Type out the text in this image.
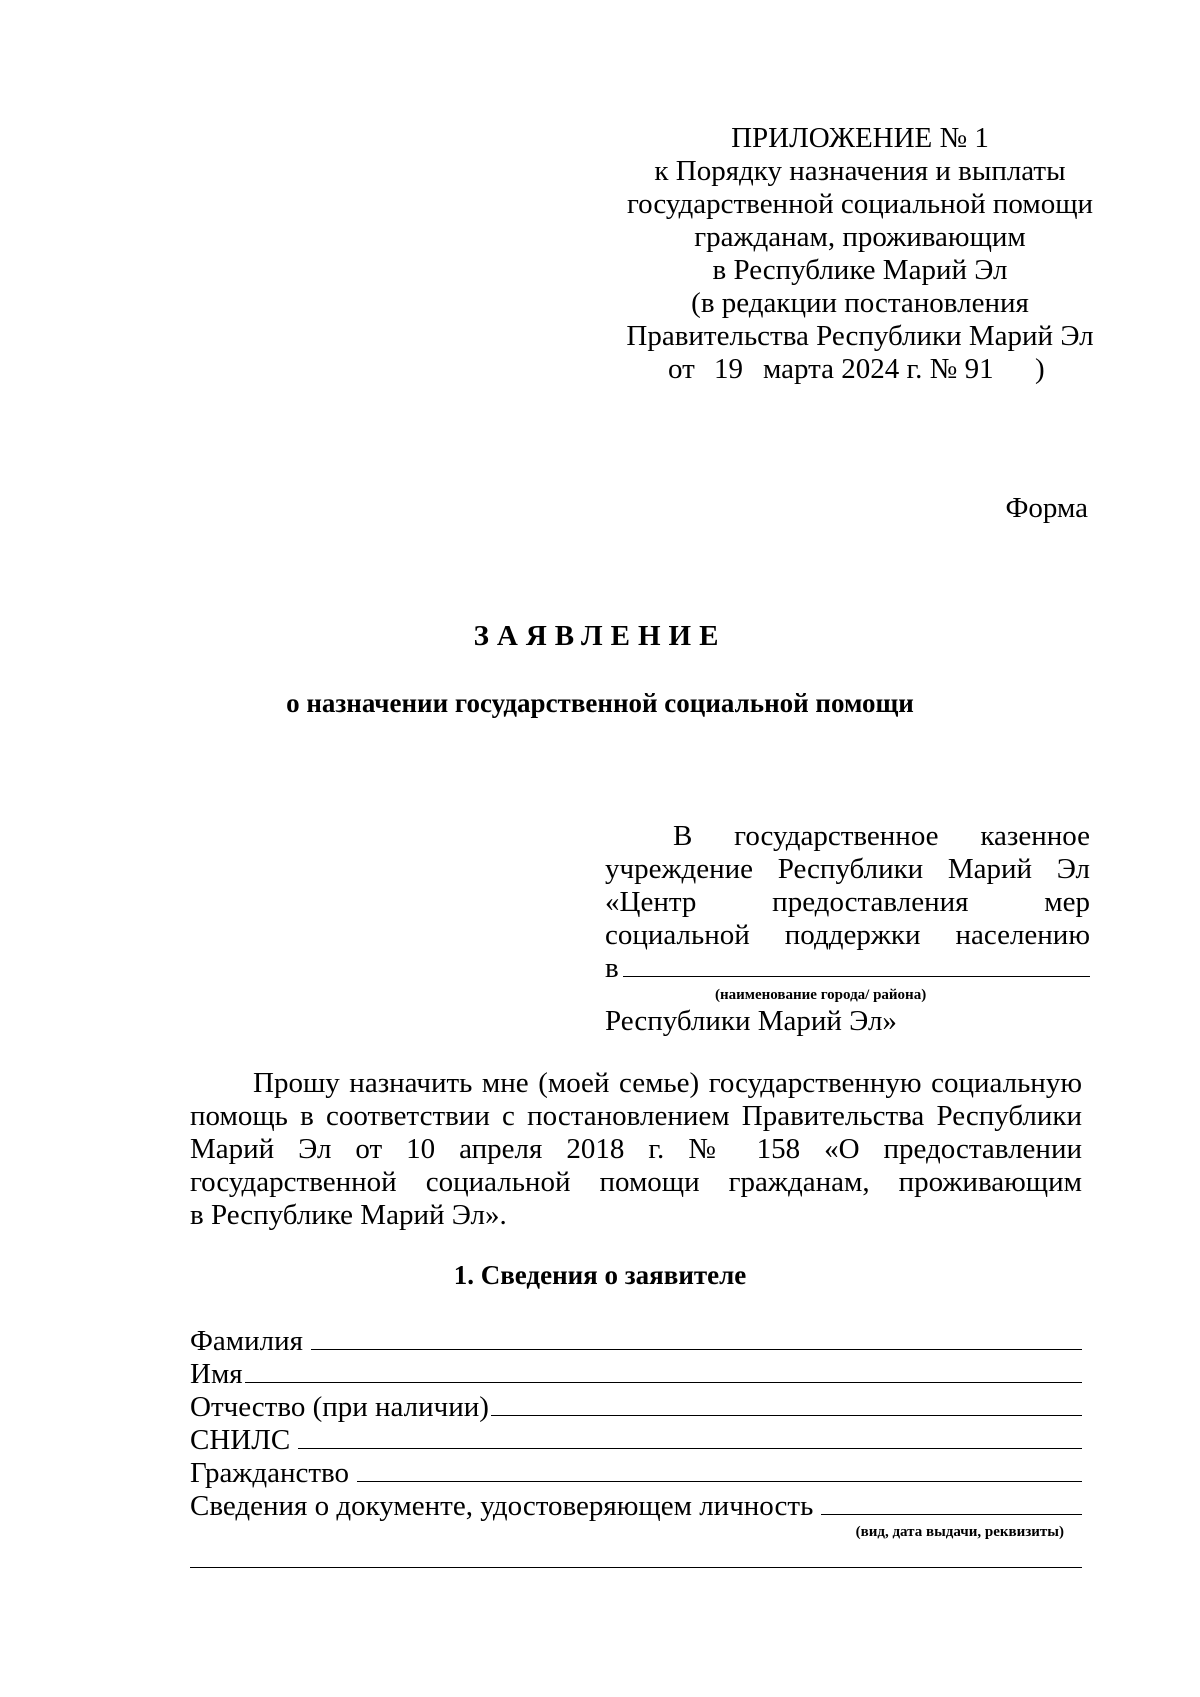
ПРИЛОЖЕНИЕ № 1
к Порядку назначения и выплаты
государственной социальной помощи
гражданам, проживающим
в Республике Марий Эл
(в редакции постановления
Правительства Республики Марий Эл
от 19 марта 2024 г. № 91 )
Форма
ЗАЯВЛЕНИЕ
о назначении государственной социальной помощи
В государственное казенное
учреждение Республики Марий Эл
«Центр предоставления мер
социальной поддержки населению
в
(наименование города/ района)
Республики Марий Эл»
Прошу назначить мне (моей семье) государственную социальную
помощь в соответствии с постановлением Правительства Республики
Марий Эл от 10 апреля 2018 г. № 158 «О предоставлении
государственной социальной помощи гражданам, проживающим
в Республике Марий Эл».
1. Сведения о заявителе
Фамилия
Имя
Отчество (при наличии)
СНИЛС
Гражданство
Сведения о документе, удостоверяющем личность
(вид, дата выдачи, реквизиты)
